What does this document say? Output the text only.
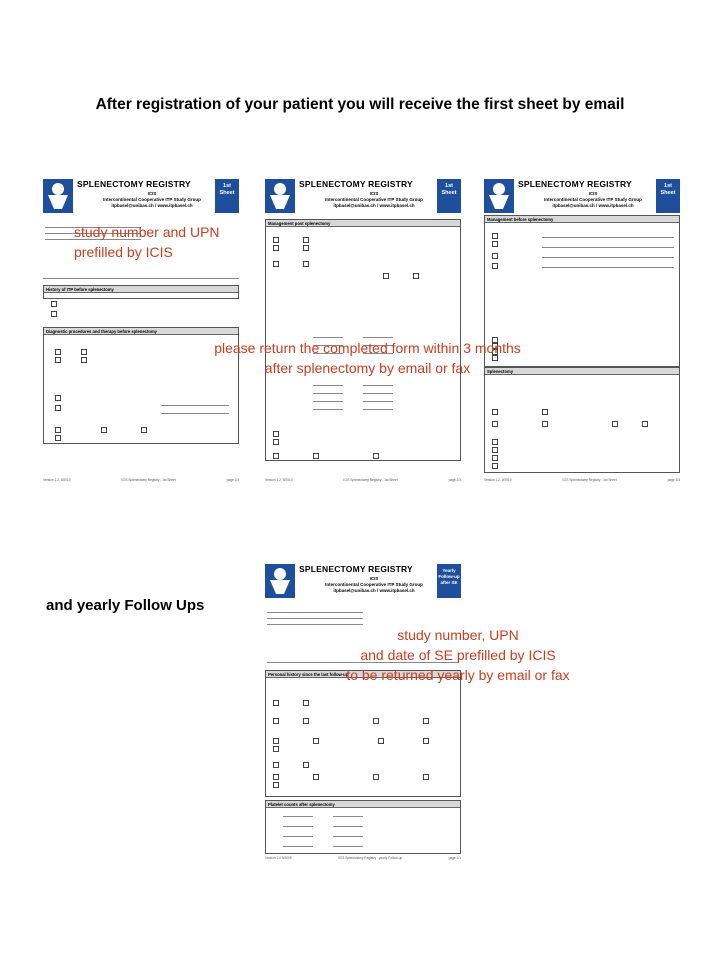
After registration of your patient you will receive the first sheet by email
SPLENECTOMY REGISTRY
ICIS
Intercontinental Cooperative ITP Study Group
itpbasel@unibas.ch / www.itpbasel.ch
1st Sheet
History of ITP before splenectomy
Diagnostic procedures and therapy before splenectomy
Version 1.2, 9/2010	ICIS Splenectomy Registry - 1st Sheet	page 1/3
SPLENECTOMY REGISTRY
ICIS
Intercontinental Cooperative ITP Study Group
itpbasel@unibas.ch / www.itpbasel.ch
1st Sheet
Management post splenectomy
Version 1.2, 9/2010	ICIS Splenectomy Registry - 1st Sheet	page 2/3
SPLENECTOMY REGISTRY
ICIS
Intercontinental Cooperative ITP Study Group
itpbasel@unibas.ch / www.itpbasel.ch
1st Sheet
Management before splenectomy
Splenectomy
Version 1.2, 9/2010	ICIS Splenectomy Registry - 1st Sheet	page 3/3
SPLENECTOMY REGISTRY
ICIS
Intercontinental Cooperative ITP Study Group
itpbasel@unibas.ch / www.itpbasel.ch
Yearly Follow-up after SE
Personal history since the last follow-up
Platelet counts after splenectomy
Version 1.0 9/2009	ICIS Splenectomy Registry - yearly Follow-up	page 1/1
and yearly Follow Ups
study number and UPN
prefilled by ICIS
please return the completed form within 3 months
after splenectomy by email or fax
study number, UPN
and date of SE prefilled by ICIS
to be returned yearly by email or fax
